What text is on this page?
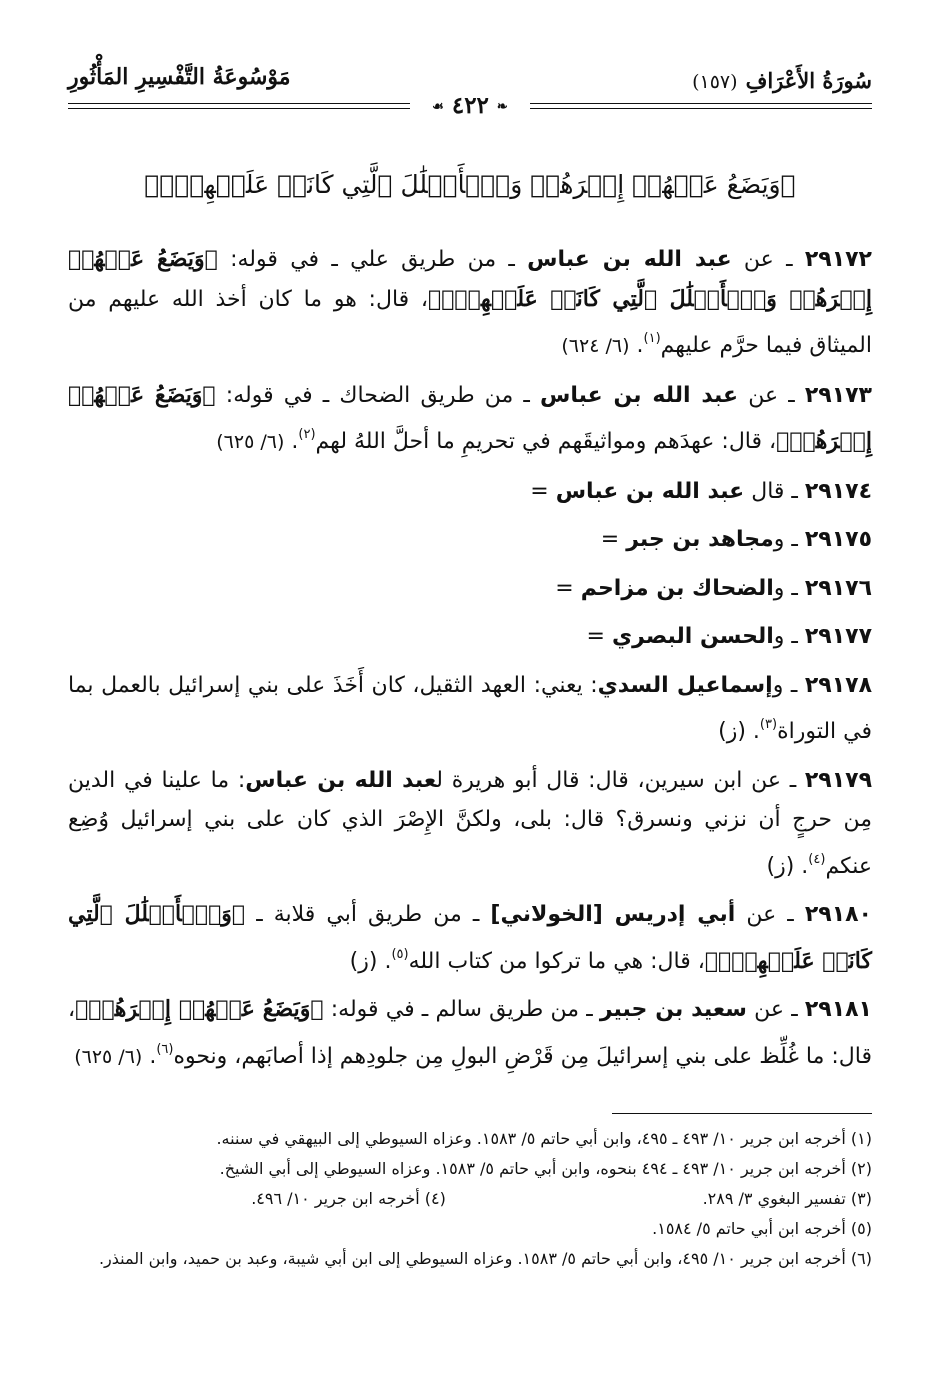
سُورَةُ الأَعْرَافِ(١٥٧)
مَوْسُوعَةُ التَّفْسِيرِ المَأْثُورِ
❧ ٤٢٢ ☙
﴿وَيَضَعُ عَنۡهُمۡ إِصۡرَهُمۡ وَٱلۡأَغۡلَٰلَ ٱلَّتِي كَانَتۡ عَلَيۡهِمۡۚ﴾

٢٩١٧٢ ـ عن عبد الله بن عباس ـ من طريق علي ـ في قوله: ﴿وَيَضَعُ عَنۡهُمۡ إِصۡرَهُمۡ وَٱلۡأَغۡلَٰلَ ٱلَّتِي كَانَتۡ عَلَيۡهِمۡۚ﴾، قال: هو ما كان أخذ الله عليهم من الميثاق فيما حرَّم عليهم$^{(١)}$. (٦/ ٦٢٤)

٢٩١٧٣ ـ عن عبد الله بن عباس ـ من طريق الضحاك ـ في قوله: ﴿وَيَضَعُ عَنۡهُمۡ إِصۡرَهُمۡ﴾، قال: عهدَهم ومواثيقَهم في تحريمِ ما أحلَّ اللهُ لهم$^{(٢)}$. (٦/ ٦٢٥)

٢٩١٧٤ ـ قال عبد الله بن عباس =

٢٩١٧٥ ـ ومجاهد بن جبر =

٢٩١٧٦ ـ والضحاك بن مزاحم =

٢٩١٧٧ ـ والحسن البصري =

٢٩١٧٨ ـ وإسماعيل السدي: يعني: العهد الثقيل، كان أَخَذَ على بني إسرائيل بالعمل بما في التوراة$^{(٣)}$. (ز)

٢٩١٧٩ ـ عن ابن سيرين، قال: قال أبو هريرة لعبد الله بن عباس: ما علينا في الدين مِن حرجٍ أن نزني ونسرق؟ قال: بلى، ولكنَّ الإِصْرَ الذي كان على بني إسرائيل وُضِع عنكم$^{(٤)}$. (ز)

٢٩١٨٠ ـ عن أبي إدريس [الخولاني] ـ من طريق أبي قلابة ـ ﴿وَٱلۡأَغۡلَٰلَ ٱلَّتِي كَانَتۡ عَلَيۡهِمۡۚ﴾، قال: هي ما تركوا من كتاب الله$^{(٥)}$. (ز)

٢٩١٨١ ـ عن سعيد بن جبير ـ من طريق سالم ـ في قوله: ﴿وَيَضَعُ عَنۡهُمۡ إِصۡرَهُمۡ﴾، قال: ما غُلِّظ على بني إسرائيلَ مِن قَرْضِ البولِ مِن جلودِهم إذا أصابَهم، ونحوه$^{(٦)}$. (٦/ ٦٢٥)

(١) أخرجه ابن جرير ١٠/ ٤٩٣ ـ ٤٩٥، وابن أبي حاتم ٥/ ١٥٨٣. وعزاه السيوطي إلى البيهقي في سننه.

(٢) أخرجه ابن جرير ١٠/ ٤٩٣ ـ ٤٩٤ بنحوه، وابن أبي حاتم ٥/ ١٥٨٣. وعزاه السيوطي إلى أبي الشيخ.

(٣) تفسير البغوي ٣/ ٢٨٩.
(٤) أخرجه ابن جرير ١٠/ ٤٩٦.

(٥) أخرجه ابن أبي حاتم ٥/ ١٥٨٤.

(٦) أخرجه ابن جرير ١٠/ ٤٩٥، وابن أبي حاتم ٥/ ١٥٨٣. وعزاه السيوطي إلى ابن أبي شيبة، وعبد بن حميد، وابن المنذر.
